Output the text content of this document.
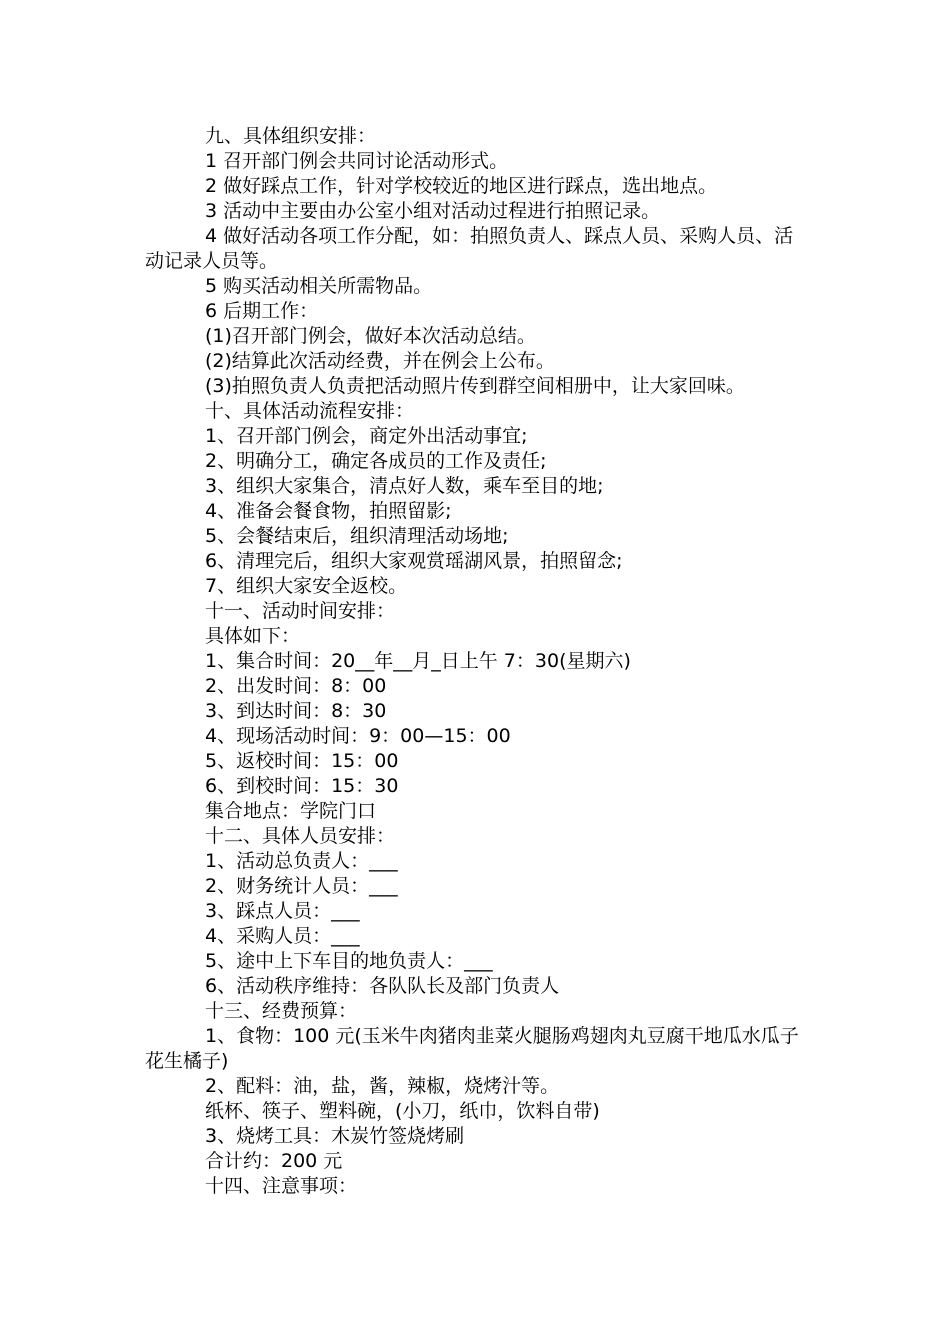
九、具体组织安排：
1 召开部门例会共同讨论活动形式。
2 做好踩点工作，针对学校较近的地区进行踩点，选出地点。
3 活动中主要由办公室小组对活动过程进行拍照记录。
4 做好活动各项工作分配，如：拍照负责人、踩点人员、采购人员、活动记录人员等。
5 购买活动相关所需物品。
6 后期工作：
(1)召开部门例会，做好本次活动总结。
(2)结算此次活动经费，并在例会上公布。
(3)拍照负责人负责把活动照片传到群空间相册中，让大家回味。
十、具体活动流程安排：
1、召开部门例会，商定外出活动事宜;
2、明确分工，确定各成员的工作及责任;
3、组织大家集合，清点好人数，乘车至目的地;
4、准备会餐食物，拍照留影;
5、会餐结束后，组织清理活动场地;
6、清理完后，组织大家观赏瑶湖风景，拍照留念;
7、组织大家安全返校。
十一、活动时间安排：
具体如下：
1、集合时间：20__年__月_日上午 7：30(星期六)
2、出发时间：8：00
3、到达时间：8：30
4、现场活动时间：9：00—15：00
5、返校时间：15：00
6、到校时间：15：30
集合地点：学院门口
十二、具体人员安排：
1、活动总负责人：___
2、财务统计人员：___
3、踩点人员：___
4、采购人员：___
5、途中上下车目的地负责人：___
6、活动秩序维持：各队队长及部门负责人
十三、经费预算：
1、食物：100 元(玉米牛肉猪肉韭菜火腿肠鸡翅肉丸豆腐干地瓜水瓜子花生橘子)
2、配料：油，盐，酱，辣椒，烧烤汁等。
纸杯、筷子、塑料碗，(小刀，纸巾，饮料自带)
3、烧烤工具：木炭竹签烧烤刷
合计约：200 元
十四、注意事项：
